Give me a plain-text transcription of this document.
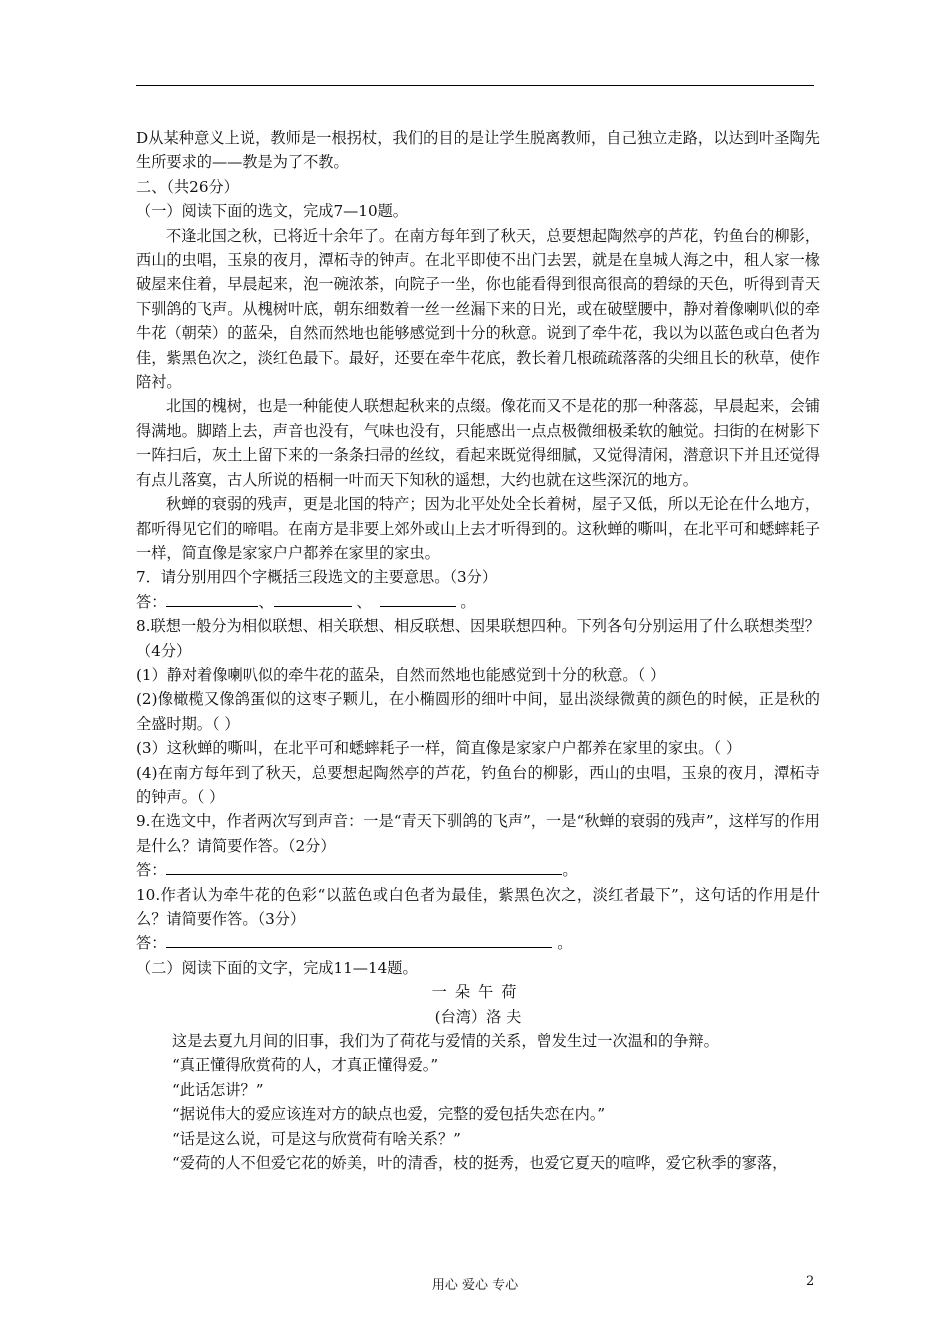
D从某种意义上说，教师是一根拐杖，我们的目的是让学生脱离教师，自己独立走路，以达到叶圣陶先生所要求的——教是为了不教。

二、（共26分）

（一）阅读下面的选文，完成7—10题。

不逢北国之秋，已将近十余年了。在南方每年到了秋天，总要想起陶然亭的芦花，钓鱼台的柳影，西山的虫唱，玉泉的夜月，潭柘寺的钟声。在北平即使不出门去罢，就是在皇城人海之中，租人家一椽破屋来住着，早晨起来，泡一碗浓茶，向院子一坐，你也能看得到很高很高的碧绿的天色，听得到青天下驯鸽的飞声。从槐树叶底，朝东细数着一丝一丝漏下来的日光，或在破壁腰中，静对着像喇叭似的牵牛花（朝荣）的蓝朵，自然而然地也能够感觉到十分的秋意。说到了牵牛花，我以为以蓝色或白色者为佳，紫黑色次之，淡红色最下。最好，还要在牵牛花底，教长着几根疏疏落落的尖细且长的秋草，使作陪衬。

北国的槐树，也是一种能使人联想起秋来的点缀。像花而又不是花的那一种落蕊，早晨起来，会铺得满地。脚踏上去，声音也没有，气味也没有，只能感出一点点极微细极柔软的触觉。扫街的在树影下一阵扫后，灰土上留下来的一条条扫帚的丝纹，看起来既觉得细腻，又觉得清闲，潜意识下并且还觉得有点儿落寞，古人所说的梧桐一叶而天下知秋的遥想，大约也就在这些深沉的地方。

秋蝉的衰弱的残声，更是北国的特产；因为北平处处全长着树，屋子又低，所以无论在什么地方，都听得见它们的啼唱。在南方是非要上郊外或山上去才听得到的。这秋蝉的嘶叫，在北平可和蟋蟀耗子一样，简直像是家家户户都养在家里的家虫。

7．请分别用四个字概括三段选文的主要意思。（3分）

答：	、	、	。

8.联想一般分为相似联想、相关联想、相反联想、因果联想四种。下列各句分别运用了什么联想类型？（4分）

(1）静对着像喇叭似的牵牛花的蓝朵，自然而然地也能感觉到十分的秋意。（ ）

(2)像橄榄又像鸽蛋似的这枣子颗儿，在小椭圆形的细叶中间，显出淡绿微黄的颜色的时候，正是秋的全盛时期。（ ）

(3）这秋蝉的嘶叫，在北平可和蟋蟀耗子一样，简直像是家家户户都养在家里的家虫。（ ）

(4)在南方每年到了秋天，总要想起陶然亭的芦花，钓鱼台的柳影，西山的虫唱，玉泉的夜月，潭柘寺的钟声。（ ）

9.在选文中，作者两次写到声音：一是“青天下驯鸽的飞声”，一是“秋蝉的衰弱的残声”，这样写的作用是什么？请简要作答。（2分）

答：	。

10.作者认为牵牛花的色彩“以蓝色或白色者为最佳，紫黑色次之，淡红者最下”，这句话的作用是什么？请简要作答。（3分）

答：	。

（二）阅读下面的文字，完成11—14题。

一朵午荷

(台湾）洛 夫

这是去夏九月间的旧事，我们为了荷花与爱情的关系，曾发生过一次温和的争辩。

“真正懂得欣赏荷的人，才真正懂得爱。”

“此话怎讲？”

“据说伟大的爱应该连对方的缺点也爱，完整的爱包括失恋在内。”

“话是这么说，可是这与欣赏荷有啥关系？”

“爱荷的人不但爱它花的娇美，叶的清香，枝的挺秀，也爱它夏天的喧哗，爱它秋季的寥落，

用心 爱心 专心	2
